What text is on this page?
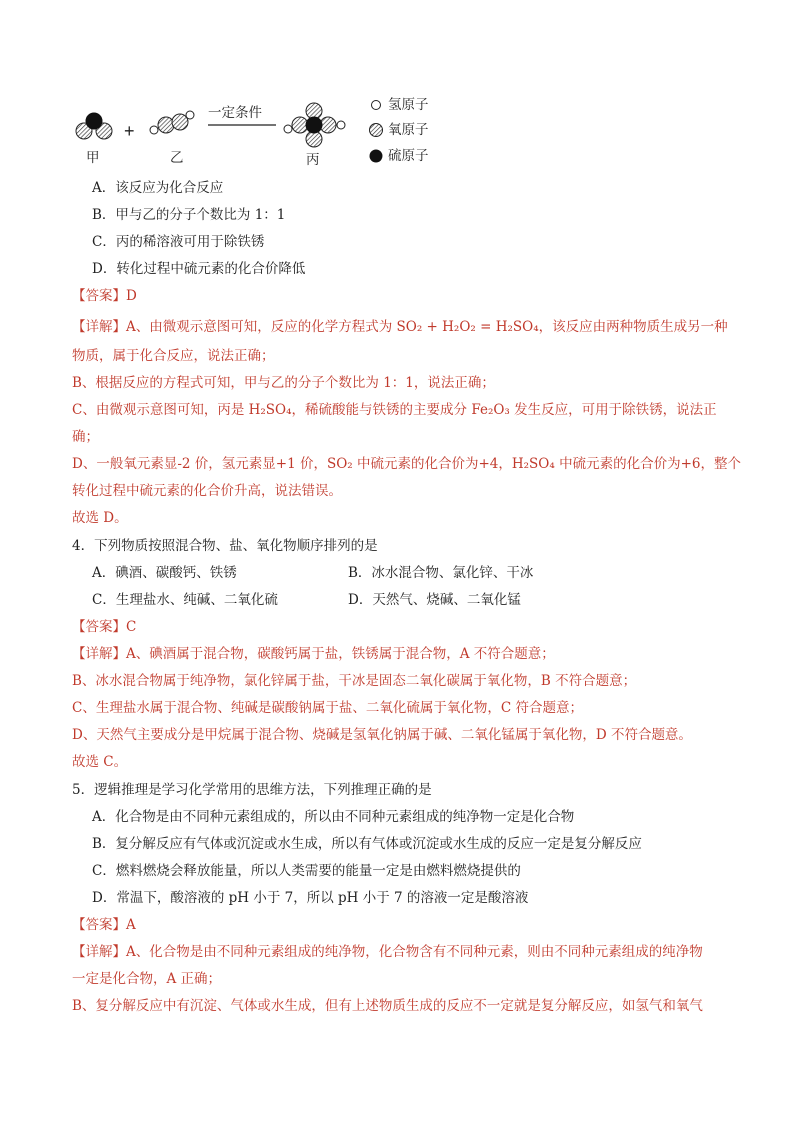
+
一定条件
甲	乙	丙
氢原子
氧原子
硫原子
A．该反应为化合反应
B．甲与乙的分子个数比为 1：1
C．丙的稀溶液可用于除铁锈
D．转化过程中硫元素的化合价降低
【答案】D
【详解】A、由微观示意图可知，反应的化学方程式为 SO₂ + H₂O₂ = H₂SO₄，该反应由两种物质生成另一种
物质，属于化合反应，说法正确；
B、根据反应的方程式可知，甲与乙的分子个数比为 1：1，说法正确；
C、由微观示意图可知，丙是 H₂SO₄，稀硫酸能与铁锈的主要成分 Fe₂O₃ 发生反应，可用于除铁锈，说法正
确；
D、一般氧元素显-2 价，氢元素显+1 价，SO₂ 中硫元素的化合价为+4，H₂SO₄ 中硫元素的化合价为+6，整个
转化过程中硫元素的化合价升高，说法错误。
故选 D。
4．下列物质按照混合物、盐、氧化物顺序排列的是
A．碘酒、碳酸钙、铁锈	B．冰水混合物、氯化锌、干冰
C．生理盐水、纯碱、二氧化硫	D．天然气、烧碱、二氧化锰
【答案】C
【详解】A、碘酒属于混合物，碳酸钙属于盐，铁锈属于混合物，A 不符合题意；
B、冰水混合物属于纯净物，氯化锌属于盐，干冰是固态二氧化碳属于氧化物，B 不符合题意；
C、生理盐水属于混合物、纯碱是碳酸钠属于盐、二氧化硫属于氧化物，C 符合题意；
D、天然气主要成分是甲烷属于混合物、烧碱是氢氧化钠属于碱、二氧化锰属于氧化物，D 不符合题意。
故选 C。
5．逻辑推理是学习化学常用的思维方法，下列推理正确的是
A．化合物是由不同种元素组成的，所以由不同种元素组成的纯净物一定是化合物
B．复分解反应有气体或沉淀或水生成，所以有气体或沉淀或水生成的反应一定是复分解反应
C．燃料燃烧会释放能量，所以人类需要的能量一定是由燃料燃烧提供的
D．常温下，酸溶液的 pH 小于 7，所以 pH 小于 7 的溶液一定是酸溶液
【答案】A
【详解】A、化合物是由不同种元素组成的纯净物，化合物含有不同种元素，则由不同种元素组成的纯净物
一定是化合物，A 正确；
B、复分解反应中有沉淀、气体或水生成，但有上述物质生成的反应不一定就是复分解反应，如氢气和氧气
